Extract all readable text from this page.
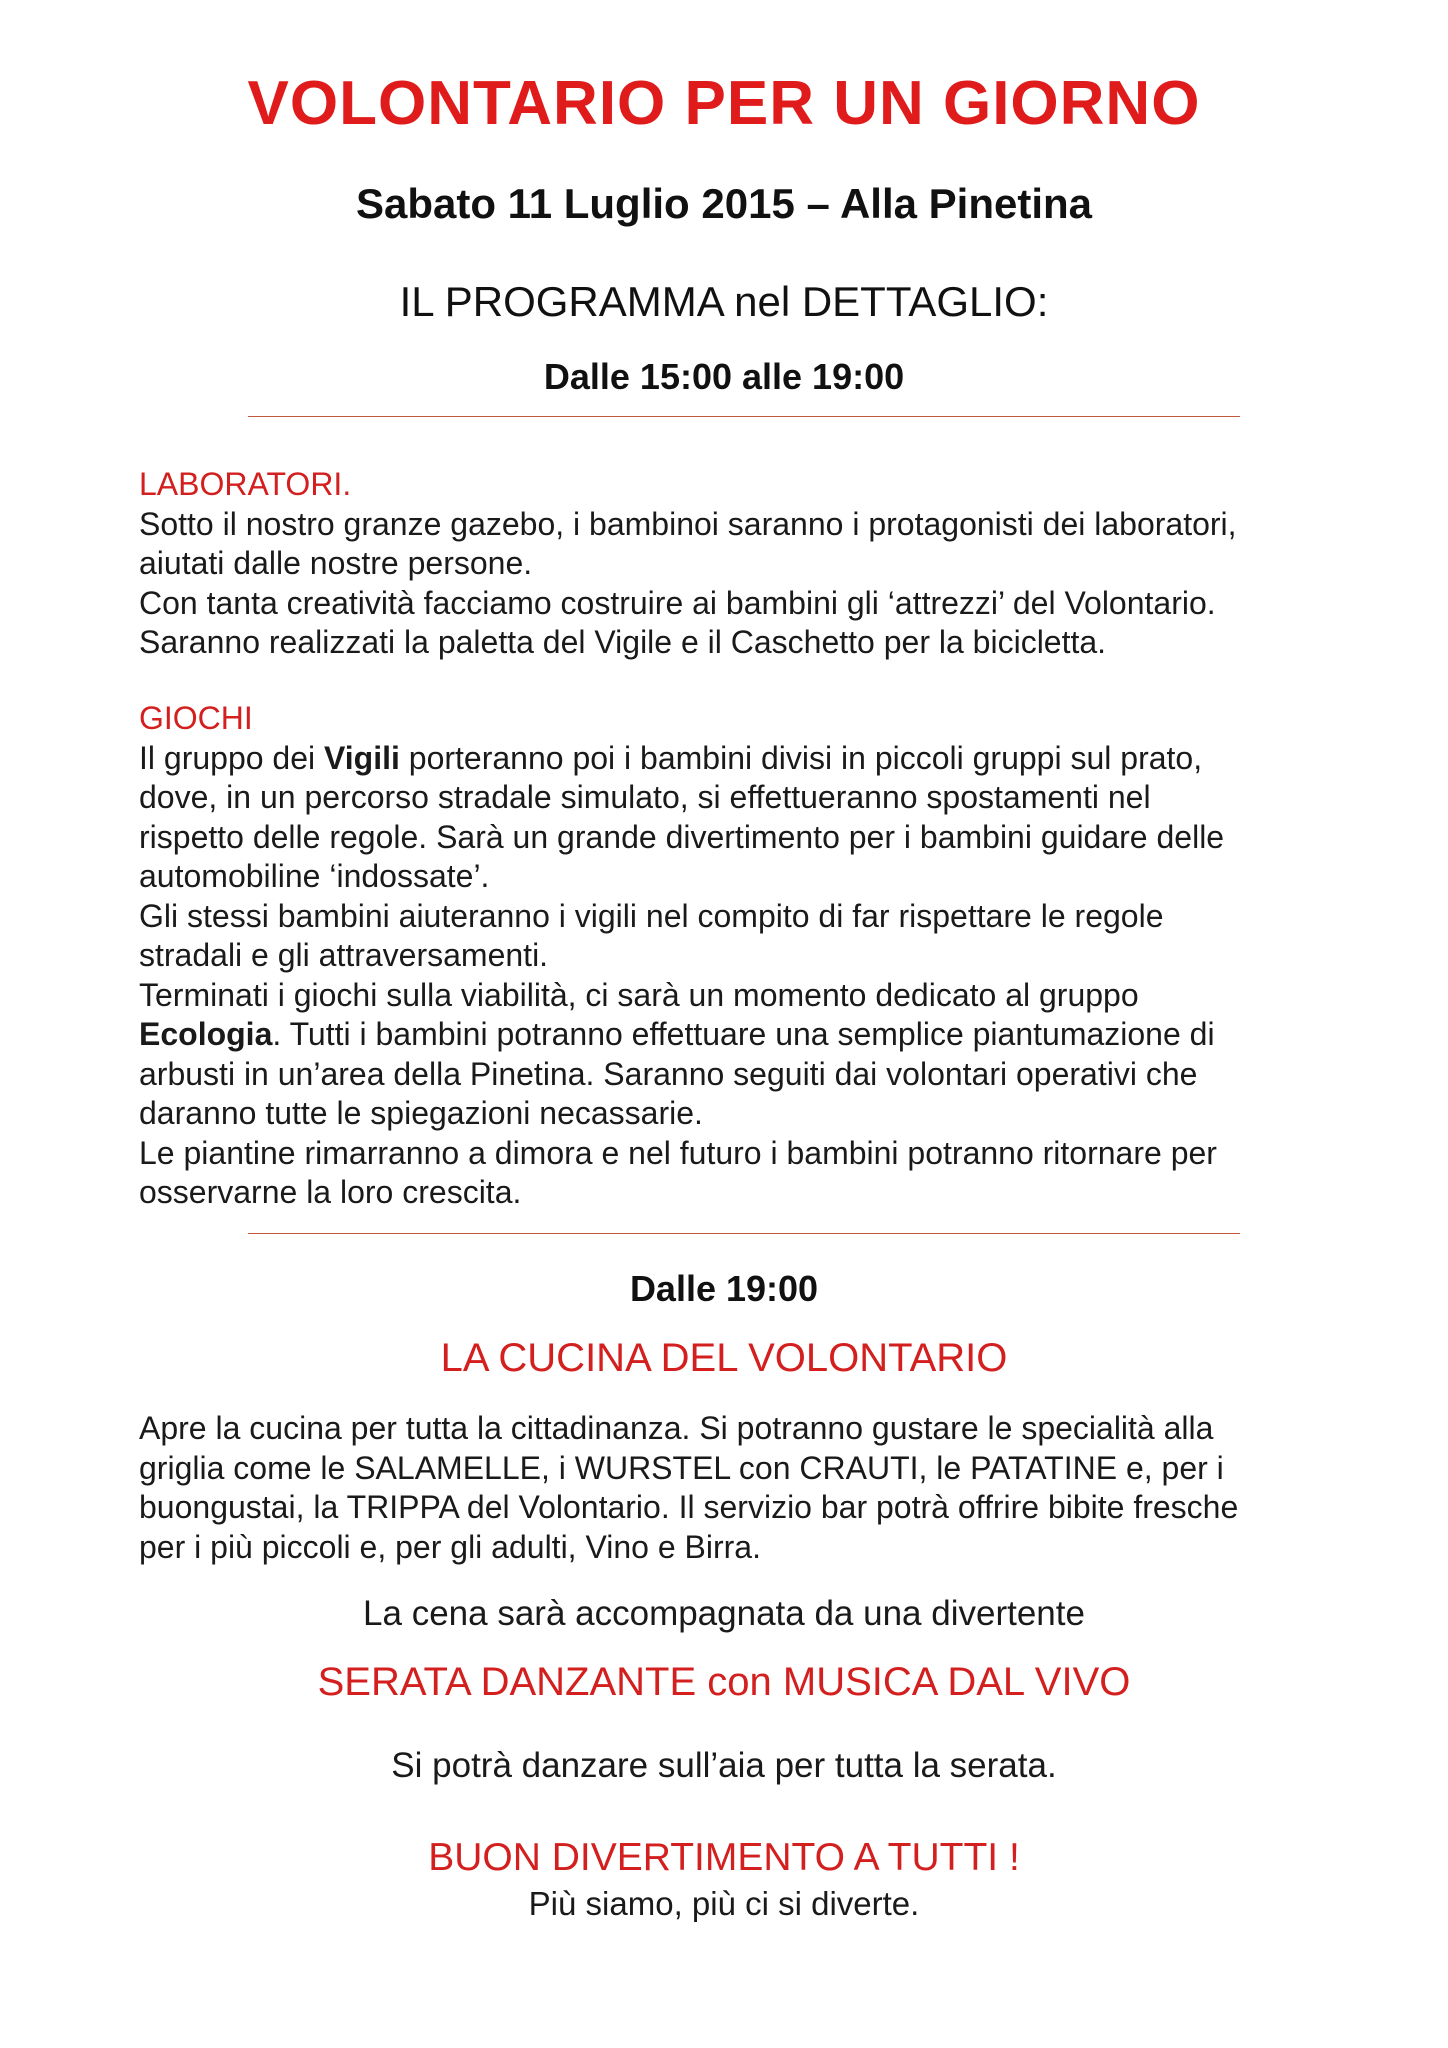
VOLONTARIO PER UN GIORNO
Sabato 11 Luglio 2015 – Alla Pinetina
IL PROGRAMMA nel DETTAGLIO:
Dalle 15:00 alle 19:00

LABORATORI.

Sotto il nostro granze gazebo, i bambinoi saranno i protagonisti dei laboratori,

aiutati dalle nostre persone.

Con tanta creatività facciamo costruire ai bambini gli ‘attrezzi’ del Volontario.

Saranno realizzati la paletta del Vigile e il Caschetto per la bicicletta.

GIOCHI

Il gruppo dei Vigili porteranno poi i bambini divisi in piccoli gruppi sul prato,

dove, in un percorso stradale simulato, si effettueranno spostamenti nel

rispetto delle regole. Sarà un grande divertimento per i bambini guidare delle

automobiline ‘indossate’.

Gli stessi bambini aiuteranno i vigili nel compito di far rispettare le regole

stradali e gli attraversamenti.

Terminati i giochi sulla viabilità, ci sarà un momento dedicato al gruppo

Ecologia. Tutti i bambini potranno effettuare una semplice piantumazione di

arbusti in un’area della Pinetina. Saranno seguiti dai volontari operativi che

daranno tutte le spiegazioni necassarie.

Le piantine rimarranno a dimora e nel futuro i bambini potranno ritornare per

osservarne la loro crescita.

Dalle 19:00
LA CUCINA DEL VOLONTARIO

Apre la cucina per tutta la cittadinanza. Si potranno gustare le specialità alla

griglia come le SALAMELLE, i WURSTEL con CRAUTI, le PATATINE e, per i

buongustai, la TRIPPA del Volontario. Il servizio bar potrà offrire bibite fresche

per i più piccoli e, per gli adulti, Vino e Birra.

La cena sarà accompagnata da una divertente
SERATA DANZANTE con MUSICA DAL VIVO
Si potrà danzare sull’aia per tutta la serata.
BUON DIVERTIMENTO A TUTTI !
Più siamo, più ci si diverte.
